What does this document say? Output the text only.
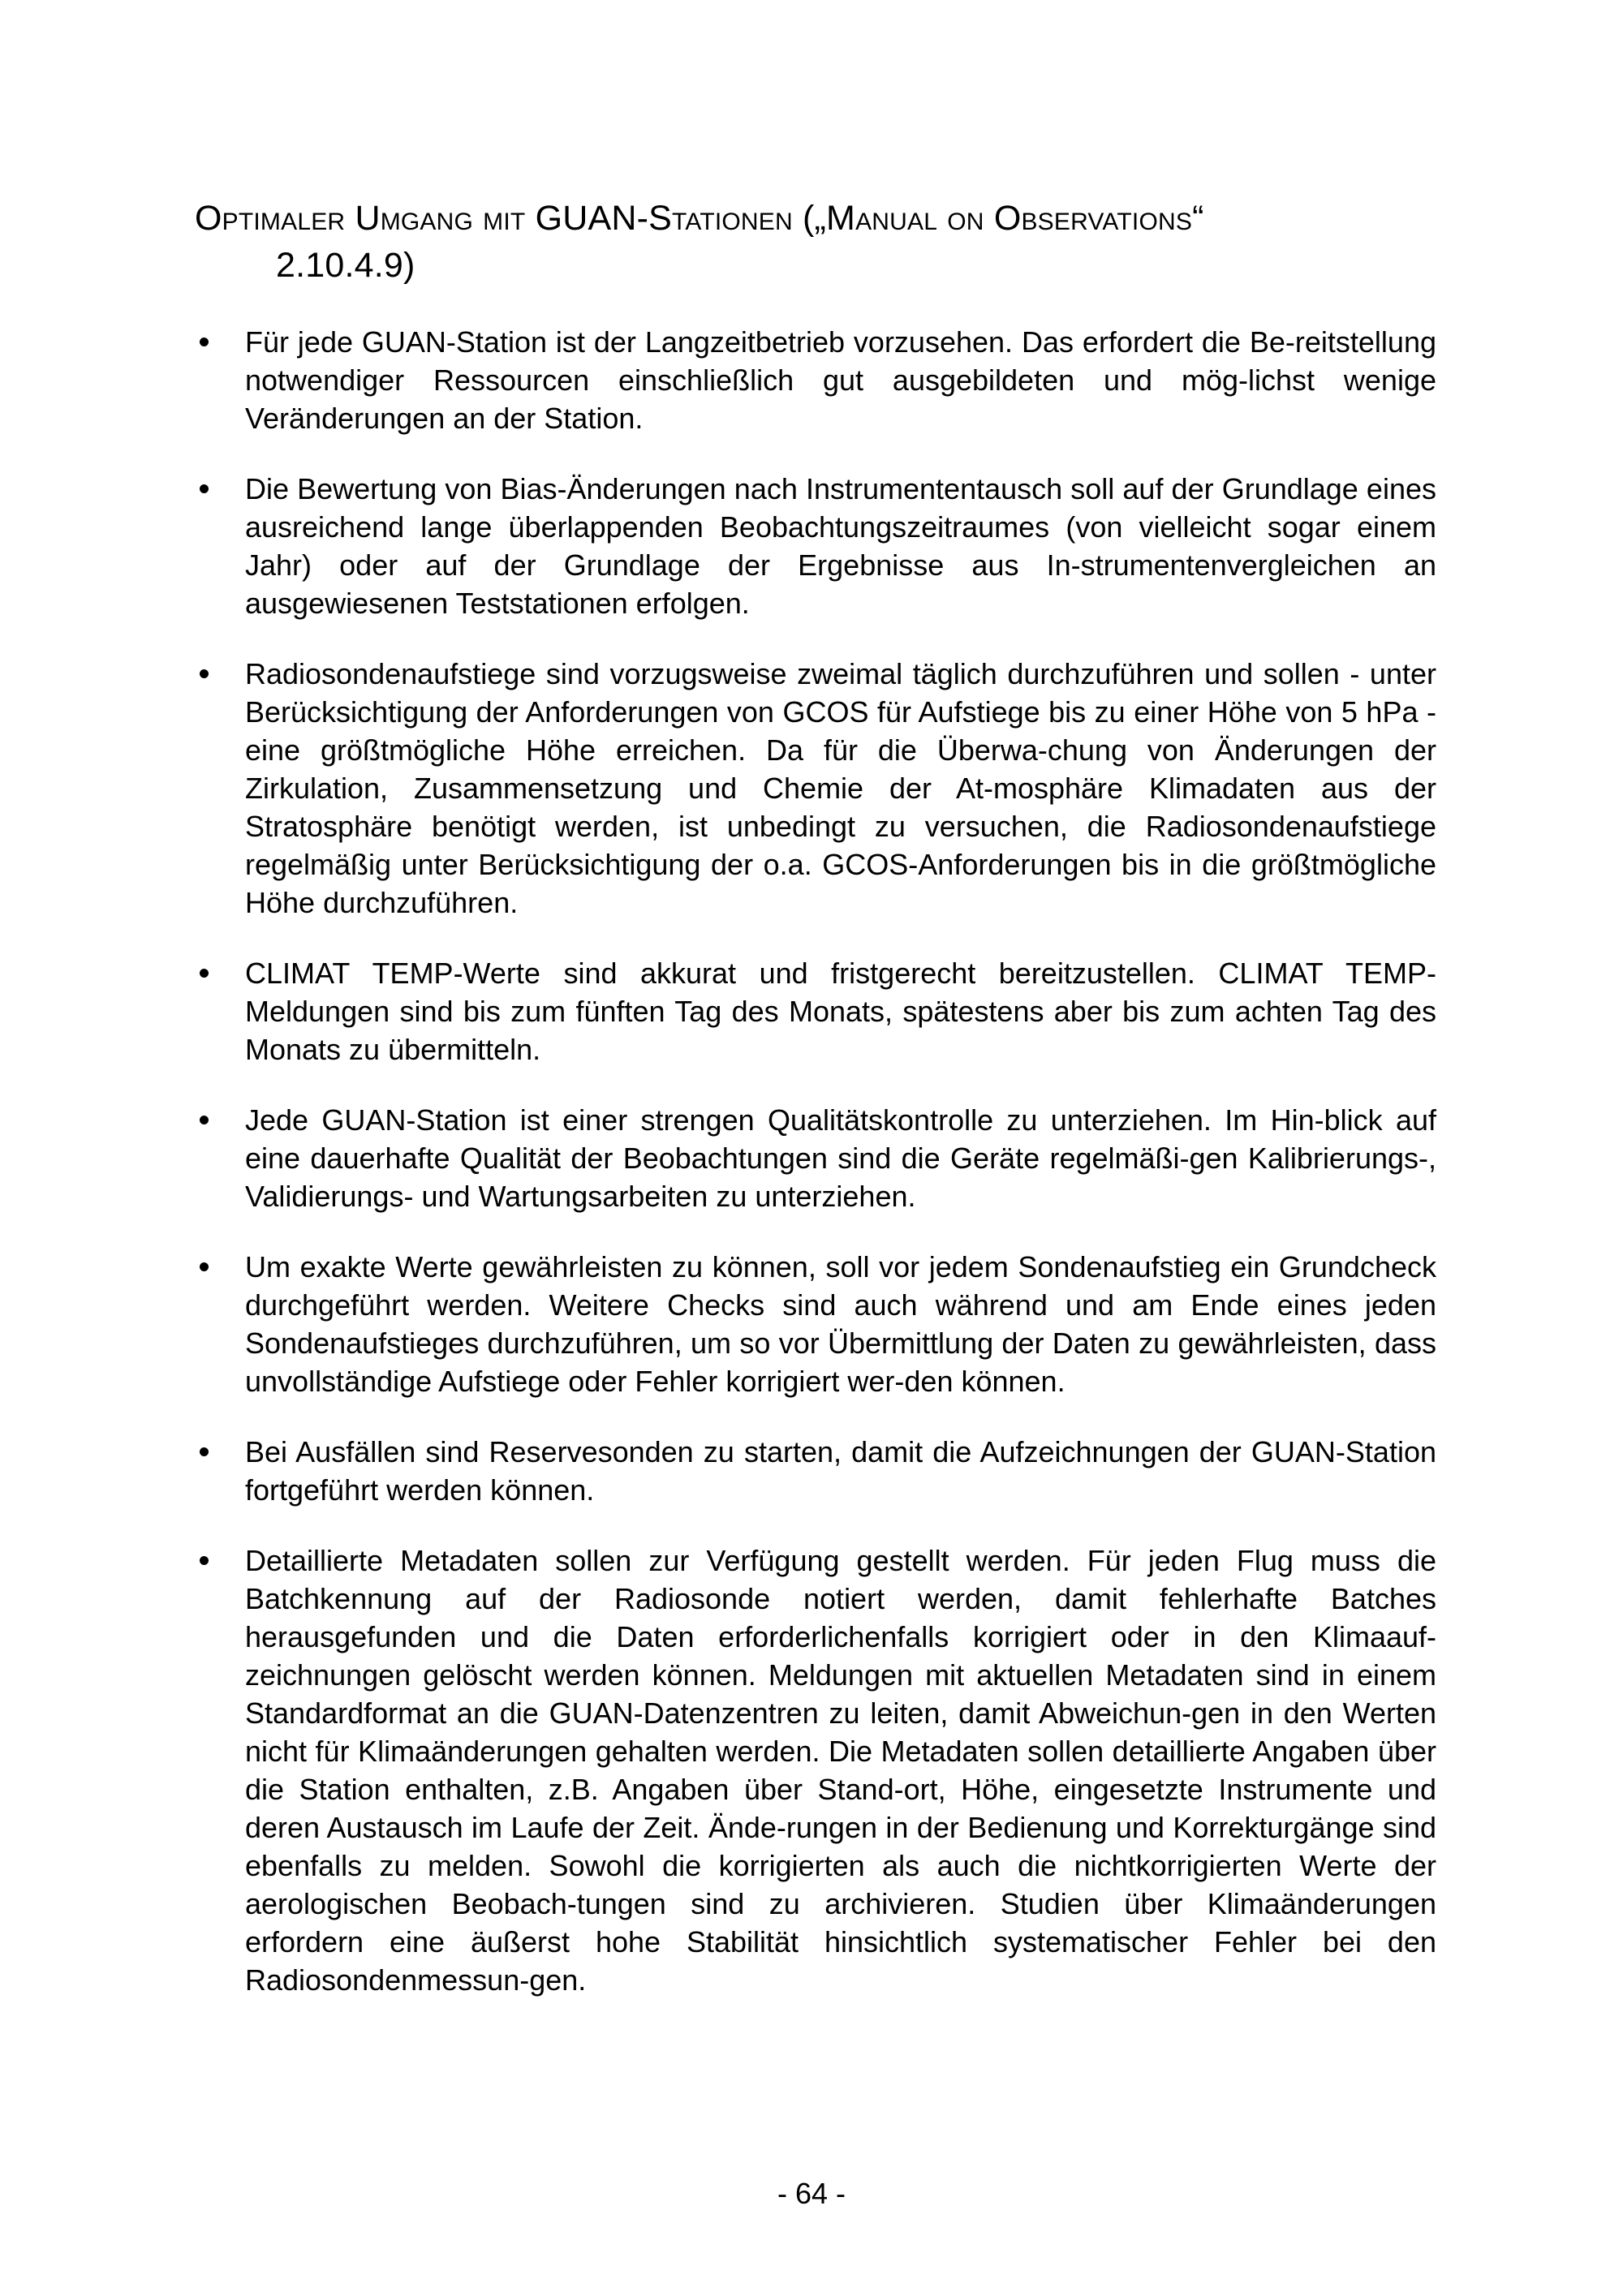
Optimaler Umgang mit GUAN-Stationen („Manual on Observations“
2.10.4.9)
Für jede GUAN-Station ist der Langzeitbetrieb vorzusehen. Das erfordert die Be-reitstellung notwendiger Ressourcen einschließlich gut ausgebildeten und mög-lichst wenige Veränderungen an der Station.
Die Bewertung von Bias-Änderungen nach Instrumententausch soll auf der Grundlage eines ausreichend lange überlappenden Beobachtungszeitraumes (von vielleicht sogar einem Jahr) oder auf der Grundlage der Ergebnisse aus In-strumentenvergleichen an ausgewiesenen Teststationen erfolgen.
Radiosondenaufstiege sind vorzugsweise zweimal täglich durchzuführen und sollen - unter Berücksichtigung der Anforderungen von GCOS für Aufstiege bis zu einer Höhe von 5 hPa - eine größtmögliche Höhe erreichen. Da für die Überwa-chung von Änderungen der Zirkulation, Zusammensetzung und Chemie der At-mosphäre Klimadaten aus der Stratosphäre benötigt werden, ist unbedingt zu versuchen, die Radiosondenaufstiege regelmäßig unter Berücksichtigung der o.a. GCOS-Anforderungen bis in die größtmögliche Höhe durchzuführen.
CLIMAT TEMP-Werte sind akkurat und fristgerecht bereitzustellen. CLIMAT TEMP-Meldungen sind bis zum fünften Tag des Monats, spätestens aber bis zum achten Tag des Monats zu übermitteln.
Jede GUAN-Station ist einer strengen Qualitätskontrolle zu unterziehen. Im Hin-blick auf eine dauerhafte Qualität der Beobachtungen sind die Geräte regelmäßi-gen Kalibrierungs-, Validierungs- und Wartungsarbeiten zu unterziehen.
Um exakte Werte gewährleisten zu können, soll vor jedem Sondenaufstieg ein Grundcheck durchgeführt werden. Weitere Checks sind auch während und am Ende eines jeden Sondenaufstieges durchzuführen, um so vor Übermittlung der Daten zu gewährleisten, dass unvollständige Aufstiege oder Fehler korrigiert wer-den können.
Bei Ausfällen sind Reservesonden zu starten, damit die Aufzeichnungen der GUAN-Station fortgeführt werden können.
Detaillierte Metadaten sollen zur Verfügung gestellt werden. Für jeden Flug muss die Batchkennung auf der Radiosonde notiert werden, damit fehlerhafte Batches herausgefunden und die Daten erforderlichenfalls korrigiert oder in den Klimaauf-zeichnungen gelöscht werden können. Meldungen mit aktuellen Metadaten sind in einem Standardformat an die GUAN-Datenzentren zu leiten, damit Abweichun-gen in den Werten nicht für Klimaänderungen gehalten werden. Die Metadaten sollen detaillierte Angaben über die Station enthalten, z.B. Angaben über Stand-ort, Höhe, eingesetzte Instrumente und deren Austausch im Laufe der Zeit. Ände-rungen in der Bedienung und Korrekturgänge sind ebenfalls zu melden. Sowohl die korrigierten als auch die nichtkorrigierten Werte der aerologischen Beobach-tungen sind zu archivieren. Studien über Klimaänderungen erfordern eine äußerst hohe Stabilität hinsichtlich systematischer Fehler bei den Radiosondenmessun-gen.
- 64 -
